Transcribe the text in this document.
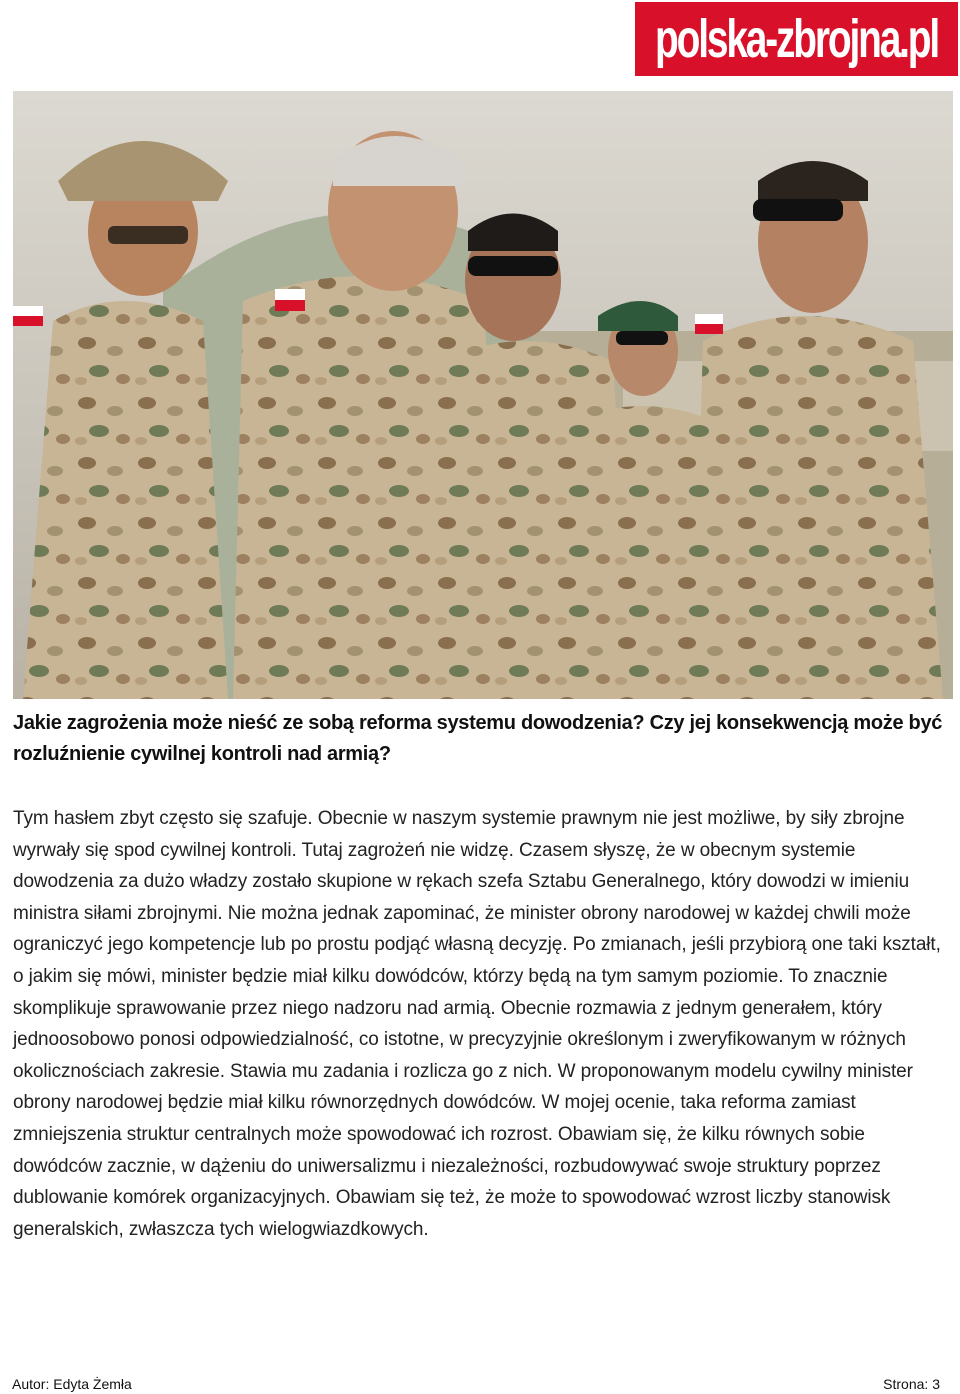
polska-zbrojna.pl
Jakie zagrożenia może nieść ze sobą reforma systemu dowodzenia? Czy jej konsekwencją może być rozluźnienie cywilnej kontroli nad armią?
Tym hasłem zbyt często się szafuje. Obecnie w naszym systemie prawnym nie jest możliwe, by siły zbrojne wyrwały się spod cywilnej kontroli. Tutaj zagrożeń nie widzę. Czasem słyszę, że w obecnym systemie dowodzenia za dużo władzy zostało skupione w rękach szefa Sztabu Generalnego, który dowodzi w imieniu ministra siłami zbrojnymi. Nie można jednak zapominać, że minister obrony narodowej w każdej chwili może ograniczyć jego kompetencje lub po prostu podjąć własną decyzję. Po zmianach, jeśli przybiorą one taki kształt, o jakim się mówi, minister będzie miał kilku dowódców, którzy będą na tym samym poziomie. To znacznie skomplikuje sprawowanie przez niego nadzoru nad armią. Obecnie rozmawia z jednym generałem, który jednoosobowo ponosi odpowiedzialność, co istotne, w precyzyjnie określonym i zweryfikowanym w różnych okolicznościach zakresie. Stawia mu zadania i rozlicza go z nich. W proponowanym modelu cywilny minister obrony narodowej będzie miał kilku równorzędnych dowódców. W mojej ocenie, taka reforma zamiast zmniejszenia struktur centralnych może spowodować ich rozrost. Obawiam się, że kilku równych sobie dowódców zacznie, w dążeniu do uniwersalizmu i niezależności, rozbudowywać swoje struktury poprzez dublowanie komórek organizacyjnych. Obawiam się też, że może to spowodować wzrost liczby stanowisk generalskich, zwłaszcza tych wielogwiazdkowych.
Autor: Edyta Żemła	Strona: 3
